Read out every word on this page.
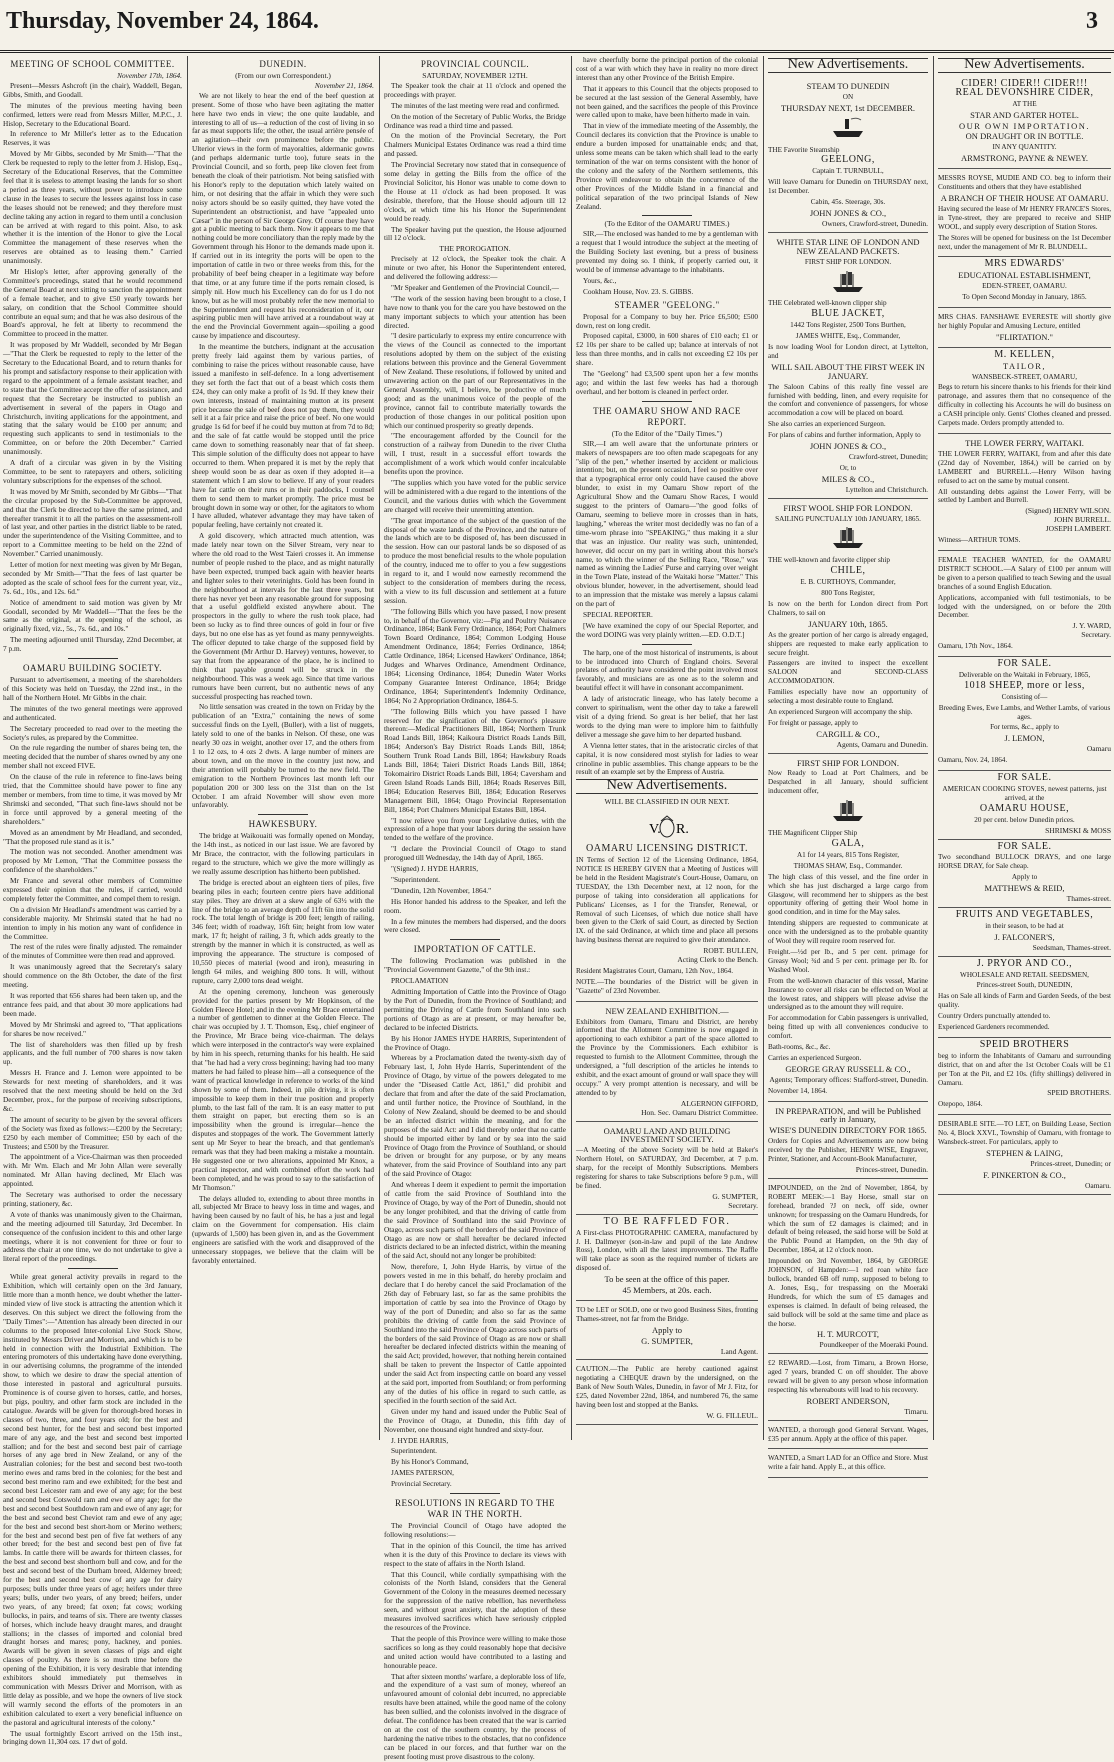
Thursday, November 24, 1864.	3
MEETING OF SCHOOL COMMITTEE.
November 17th, 1864.

Present—Messrs Ashcroft (in the chair), Waddell, Began, Gibbs, Smith, and Goodall.

The minutes of the previous meeting having been confirmed, letters were read from Messrs Miller, M.P.C., J. Hislop, Secretary to the Educational Board.

In reference to Mr Miller's letter as to the Education Reserves, it was

Moved by Mr Gibbs, seconded by Mr Smith—"That the Clerk be requested to reply to the letter from J. Hislop, Esq., Secretary of the Educational Reserves, that the Committee feel that it is useless to attempt leasing the lands for so short a period as three years, without power to introduce some clause in the leases to secure the lessees against loss in case the leases should not be renewed; and they therefore must decline taking any action in regard to them until a conclusion can be arrived at with regard to this point. Also, to ask whether it is the intention of the Honor to give the Local Committee the management of these reserves when the reserves are obtained as to leasing them." Carried unanimously.

Mr Hislop's letter, after approving generally of the Committee's proceedings, stated that he would recommend the General Board at next sitting to sanction the appointment of a female teacher, and to give £50 yearly towards her salary, on condition that the School Committee should contribute an equal sum; and that he was also desirous of the Board's approval, he felt at liberty to recommend the Committee to proceed in the matter.

It was proposed by Mr Waddell, seconded by Mr Began—"That the Clerk be requested to reply to the letter of the Secretary to the Educational Board, and to return thanks for his prompt and satisfactory response to their application with regard to the appointment of a female assistant teacher, and to state that the Committee accept the offer of assistance, and request that the Secretary be instructed to publish an advertisement in several of the papers in Otago and Christchurch, inviting applications for the appointment, and stating that the salary would be £100 per annum; and requesting such applicants to send in testimonials to the Committee, on or before the 20th December." Carried unanimously.

A draft of a circular was given in by the Visiting Committee, to be sent to ratepayers and others, soliciting voluntary subscriptions for the expenses of the school.

It was moved by Mr Smith, seconded by Mr Gibbs—"That the circular proposed by the Sub-Committee be approved, and that the Clerk be directed to have the same printed, and thereafter transmit it to all the parties on the assessment-roll of last year, and other parties in the district liable to be rated, under the superintendence of the Visiting Committee, and to report to a Committee meeting to be held on the 22nd of November." Carried unanimously.

Letter of motion for next meeting was given by Mr Began, seconded by Mr Smith—"That the fees of last quarter be adopted as the scale of school fees for the current year, viz., 7s. 6d., 10s., and 12s. 6d."

Notice of amendment to said motion was given by Mr Goodall, seconded by Mr Waddell—"That the fees be the same as the original, at the opening of the school, as originally fixed, viz., 5s., 7s. 6d., and 10s."

The meeting adjourned until Thursday, 22nd December, at 7 p.m.

OAMARU BUILDING SOCIETY.

Pursuant to advertisement, a meeting of the shareholders of this Society was held on Tuesday, the 22nd inst., in the hall of the Northern Hotel. Mr Gibbs in the chair.

The minutes of the two general meetings were approved and authenticated.

The Secretary proceeded to read over to the meeting the Society's rules, as prepared by the Committee.

On the rule regarding the number of shares being ten, the meeting decided that the number of shares owned by any one member shall not exceed FIVE.

On the clause of the rule in reference to fine-laws being tried, that the Committee should have power to fine any member or members, from time to time, it was moved by Mr Shrimski and seconded, "That such fine-laws should not be in force until approved by a general meeting of the shareholders."

Moved as an amendment by Mr Headland, and seconded, "That the proposed rule stand as it is."

The motion was not seconded. Another amendment was proposed by Mr Lemon, "That the Committee possess the confidence of the shareholders."

Mr France and several other members of Committee expressed their opinion that the rules, if carried, would completely fetter the Committee, and compel them to resign.

On a division Mr Headland's amendment was carried by a considerable majority. Mr Shrimski stated that he had no intention to imply in his motion any want of confidence in the Committee.

The rest of the rules were finally adjusted. The remainder of the minutes of Committee were then read and approved.

It was unanimously agreed that the Secretary's salary should commence on the 8th October, the date of the first meeting.

It was reported that 656 shares had been taken up, and the entrance fees paid, and that about 30 more applications had been made.

Moved by Mr Shrimski and agreed to, "That applications for shares be now received."

The list of shareholders was then filled up by fresh applicants, and the full number of 700 shares is now taken up.

Messrs H. France and J. Lemon were appointed to be Stewards for next meeting of shareholders, and it was resolved that the next meeting should be held on the 3rd December, prox., for the purpose of receiving subscriptions, &c.

The amount of security to be given by the several officers of the Society was fixed as follows:—£200 by the Secretary; £250 by each member of Committee; £50 by each of the Trustees; and £500 by the Treasurer.

The appointment of a Vice-Chairman was then proceeded with. Mr Wm. Elach and Mr John Allan were severally nominated. Mr Allan having declined, Mr Elach was appointed.

The Secretary was authorised to order the necessary printing, stationery, &c.

A vote of thanks was unanimously given to the Chairman, and the meeting adjourned till Saturday, 3rd December. In consequence of the confusion incident to this and other large meetings, where it is not convenient for three or four to address the chair at one time, we do not undertake to give a literal report of the proceedings.

While great general activity prevails in regard to the Exhibition, which will certainly open on the 3rd January, little more than a month hence, we doubt whether the latter-minded view of live stock is attracting the attention which it deserves. On this subject we direct the following from the "Daily Times":—"Attention has already been directed in our columns to the proposed Inter-colonial Live Stock Show, instituted by Messrs Driver and Morrison, and which is to be held in connection with the Industrial Exhibition. The entering promoters of this undertaking have done everything, in our advertising columns, the programme of the intended show, to which we desire to draw the special attention of those interested in pastoral and agricultural pursuits. Prominence is of course given to horses, cattle, and horses, but pigs, poultry, and other farm stock are included in the catalogue. Awards will be given for thorough-bred horses in classes of two, three, and four years old; for the best and second best hunter, for the best and second best imported mare of any age, and the best and second best imported stallion; and for the best and second best pair of carriage horses of any age bred in New Zealand, or any of the Australian colonies; for the best and second best two-tooth merino ewes and rams bred in the colonies; for the best and second best merino ram and ewe exhibited; for the best and second best Leicester ram and ewe of any age; for the best and second best Cotswold ram and ewe of any age; for the best and second best Southdown ram and ewe of any age; for the best and second best Cheviot ram and ewe of any age; for the best and second best short-horn or Merino wethers; for the best and second best pen of five fat wethers of any other breed; for the best and second best pen of five fat lambs. In cattle there will be awards for thirteen classes, for the best and second best shorthorn bull and cow, and for the best and second best of the Durham breed, Alderney breed; for the best and second best cow of any age for dairy purposes; bulls under three years of age; heifers under three years; bulls, under two years, of any breed; heifers, under two years, of any breed; fat oxen; fat cows; working bullocks, in pairs, and teams of six. There are twenty classes of horses, which include heavy draught mares, and draught stallions; in the classes of imported and colonial bred draught horses and mares; pony, hackney, and ponies. Awards will be given in seven classes of pigs and eight classes of poultry. As there is so much time before the opening of the Exhibition, it is very desirable that intending exhibitors should immediately put themselves in communication with Messrs Driver and Morrison, with as little delay as possible, and we hope the owners of live stock will warmly second the efforts of the promoters in an exhibition calculated to exert a very beneficial influence on the pastoral and agricultural interests of the colony."

The usual fortnightly Escort arrived on the 15th inst., bringing down 11,304 ozs. 17 dwt of gold.

DUNEDIN.
(From our own Correspondent.)
November 21, 1864.

We are not likely to hear the end of the beef question at present. Some of those who have been agitating the matter here have two ends in view; the one quite laudable, and interesting to all of us—a reduction of the cost of living in so far as meat supports life; the other, the usual arrière pensée of an agitation—their own prominence before the public. Ulterior views in the form of mayoralties, aldermanic gowns (and perhaps aldermanic turtle too), future seats in the Provincial Council, and so forth, peep like cloven feet from beneath the cloak of their patriotism. Not being satisfied with his Honor's reply to the deputation which lately waited on him, or not desiring that the affair in which they were such noisy actors should be so easily quitted, they have voted the Superintendent an obstructionist, and have "appealed unto Cæsar" in the person of Sir George Grey. Of course they have got a public meeting to back them. Now it appears to me that nothing could be more conciliatory than the reply made by the Government through his Honor to the demands made upon it. If carried out in its integrity the ports will be open to the importation of cattle in two or three weeks from this, for the probability of beef being cheaper in a legitimate way before that time, or at any future time if the ports remain closed, is simply nil. How much his Excellency can do for us I do not know, but as he will most probably refer the new memorial to the Superintendent and request his reconsideration of it, our aspiring public men will have arrived at a roundabout way at the end the Provincial Government again—spoiling a good cause by impatience and discourtesy.

In the meantime the butchers, indignant at the accusation pretty freely laid against them by various parties, of combining to raise the prices without reasonable cause, have issued a manifesto in self-defence. In a long advertisement they set forth the fact that out of a beast which costs them £24, they can only make a profit of 1s 9d. If they knew their own interests, instead of maintaining mutton at its present price because the sale of beef does not pay them, they would sell it at a fair price and raise the price of beef. No one would grudge 1s 6d for beef if he could buy mutton at from 7d to 8d; and the sale of fat cattle would be stopped until the price came down to something reasonably near that of fat sheep. This simple solution of the difficulty does not appear to have occurred to them. When prepared it is met by the reply that sheep would soon be as dear as oxen if they adopted it—a statement which I am slow to believe. If any of your readers have fat cattle on their runs or in their paddocks, I counsel them to send them to market promptly. The price must be brought down in some way or other, for the agitators to whom I have alluded, whatever advantage they may have taken of popular feeling, have certainly not created it.

A gold discovery, which attracted much attention, was made lately near town on the Silver Stream, very near to where the old road to the West Taieri crosses it. An immense number of people rushed to the place, and as might naturally have been expected, trumped back again with heavier hearts and lighter soles to their veterinights. Gold has been found in the neighbourhood at intervals for the last three years, but there has never yet been any reasonable ground for supposing that a useful goldfield existed anywhere about. The prospectors in the gully to where the rush took place, had been so lucky as to find three ounces of gold in four or five days, but no one else has as yet found as many pennyweights. The officer deputed to take charge of the supposed field by the Government (Mr Arthur D. Harvey) ventures, however, to say that from the appearance of the place, he is inclined to think that payable ground will be struck in the neighbourhood. This was a week ago. Since that time various rumours have been current, but no authentic news of any successful prospecting has reached town.

No little sensation was created in the town on Friday by the publication of an "Extra," containing the news of some successful finds on the Lyell, (Buller), with a list of nuggets, lately sold to one of the banks in Nelson. Of these, one was nearly 30 ozs in weight, another over 17, and the others from 1 to 12 ozs, to 4 ozs 2 dwts. A large number of miners are about town, and on the move in the country just now, and their attention will probably be turned to the new field. The emigration to the Northern Provinces last month left our population 200 or 300 less on the 31st than on the 1st October. I am afraid November will show even more unfavorably.

HAWKESBURY.

The bridge at Waikouaiti was formally opened on Monday, the 14th inst., as noticed in our last issue. We are favored by Mr Brace, the contractor, with the following particulars in regard to the structure, which we give the more willingly as we really assume description has hitherto been published.

The bridge is erected about an eighteen tiers of piles, five bearing piles in each; fourteen centre piers have additional stay piles. They are driven at a skew angle of 63½ with the line of the bridge to an average depth of 11ft 6in into the solid rock. The total length of bridge is 200 feet; length of railing, 346 feet; width of roadway, 16ft 6in; height from low water mark, 17 ft; height of railing, 3 ft, which adds greatly to the strength by the manner in which it is constructed, as well as improving the appearance. The structure is composed of 10,550 pieces of material (wood and iron), measuring in length 64 miles, and weighing 800 tons. It will, without rupture, carry 2,000 tons dead weight.

At the opening ceremony, luncheon was generously provided for the parties present by Mr Hopkinson, of the Golden Fleece Hotel; and in the evening Mr Brace entertained a number of gentlemen to dinner at the Golden Fleece. The chair was occupied by J. T. Thomson, Esq., chief engineer of the Province, Mr Brace being vice-chairman. The delays which were interposed in the contractor's way were explained by him in his speech, returning thanks for his health. He said that "he had had a very cross beginning; having had too many matters he had failed to please him—all a consequence of the want of practical knowledge in reference to works of the kind shown by some of them. Indeed, in pile driving, it is often impossible to keep them in their true position and properly plumb, to the last fall of the ram. It is an easy matter to put them straight on paper, but erecting them so is an impossibility when the ground is irregular—hence the disputes and stoppages of the work. The Government latterly sent up Mr Seyer to hear the breach, and that gentleman's remark was that they had been making a mistake a mountain. He suggested one or two alterations, appointed Mr Knox, a practical inspector, and with combined effort the work had been completed, and he was proud to say to the satisfaction of Mr Thomson."

The delays alluded to, extending to about three months in all, subjected Mr Brace to heavy loss in time and wages, and having been caused by no fault of his, he has a just and legal claim on the Government for compensation. His claim (upwards of 1,500) has been given in, and as the Government engineers are satisfied with the work and disapproved of the unnecessary stoppages, we believe that the claim will be favorably entertained.

PROVINCIAL COUNCIL.
SATURDAY, NOVEMBER 12TH.

The Speaker took the chair at 11 o'clock and opened the proceedings with prayer.

The minutes of the last meeting were read and confirmed.

On the motion of the Secretary of Public Works, the Bridge Ordinance was read a third time and passed.

On the motion of the Provincial Secretary, the Port Chalmers Municipal Estates Ordinance was read a third time and passed.

The Provincial Secretary now stated that in consequence of some delay in getting the Bills from the office of the Provincial Solicitor, his Honor was unable to come down to the House at 11 o'clock as had been proposed. It was desirable, therefore, that the House should adjourn till 12 o'clock, at which time his his Honor the Superintendent would be ready.

The Speaker having put the question, the House adjourned till 12 o'clock.

THE PROROGATION.

Precisely at 12 o'clock, the Speaker took the chair. A minute or two after, his Honor the Superintendent entered, and delivered the following address:—

"Mr Speaker and Gentlemen of the Provincial Council,—

"The work of the session having been brought to a close, I have now to thank you for the care you have bestowed on the many important subjects to which your attention has been directed.

"I desire particularly to express my entire concurrence with the views of the Council as connected to the important resolutions adopted by them on the subject of the existing relations between this province and the General Government of New Zealand. These resolutions, if followed by united and unwavering action on the part of our Representatives in the General Assembly, will, I believe, be productive of much good; and as the unanimous voice of the people of the province, cannot fail to contribute materially towards the production of those changes in our political position upon which our continued prosperity so greatly depends.

"The encouragement afforded by the Council for the construction of a railway from Dunedin to the river Clutha will, I trust, result in a successful effort towards the accomplishment of a work which would confer incalculable benefits upon the province.

"The supplies which you have voted for the public service will be administered with a due regard to the intentions of the Council, and the various duties with which the Government are charged will receive their unremitting attention.

"The great importance of the subject of the question of the disposal of the waste lands of the Province, and the nature of the lands which are to be disposed of, has been discussed in the session. How can our pastoral lands be so disposed of as to produce the most beneficial results to the whole population of the country, induced me to offer to you a few suggestions in regard to it, and I would now earnestly recommend the subject to the consideration of members during the recess, with a view to its full discussion and settlement at a future session.

"The following Bills which you have passed, I now present to, in behalf of the Governor, viz:—Pig and Poultry Nuisance Ordinance, 1864; Bank Ferry Ordinance, 1864; Port Chalmers Town Board Ordinance, 1864; Common Lodging House Amendment Ordinance, 1864; Ferries Ordinance, 1864; Cattle Ordinance, 1864; Licensed Hawkers' Ordinance, 1864; Judges and Wharves Ordinance, Amendment Ordinance, 1864; Licensing Ordinance, 1864; Dunedin Water Works Company Guarantee Interest Ordinance, 1864; Bridge Ordinance, 1864; Superintendent's Indemnity Ordinance, 1864; No 2 Appropriation Ordinance, 1864-5.

"The following Bills which you have passed I have reserved for the signification of the Governor's pleasure thereon:—Medical Practitioners Bill, 1864; Northern Trunk Road Lands Bill, 1864; Kaikoura District Roads Lands Bill, 1864; Anderson's Bay District Roads Lands Bill, 1864; Southern Trunk Road Lands Bill, 1864; Hawksbury Roads Lands Bill, 1864; Taieri District Roads Lands Bill, 1864; Tokomairiro District Roads Lands Bill, 1864; Caversham and Green Island Roads Lands Bill, 1864; Roads Reserves Bill, 1864; Education Reserves Bill, 1864; Education Reserves Management Bill, 1864; Otago Provincial Representation Bill, 1864; Port Chalmers Municipal Estates Bill, 1864.

"I now relieve you from your Legislative duties, with the expression of a hope that your labors during the session have tended to the welfare of the province.

"I declare the Provincial Council of Otago to stand prorogued till Wednesday, the 14th day of April, 1865.

"(Signed) J. HYDE HARRIS,

"Superintendent.

"Dunedin, 12th November, 1864."

His Honor handed his address to the Speaker, and left the room.

In a few minutes the members had dispersed, and the doors were closed.

IMPORTATION OF CATTLE.

The following Proclamation was published in the "Provincial Government Gazette," of the 9th inst.:

PROCLAMATION

Admitting Importation of Cattle into the Province of Otago by the Port of Dunedin, from the Province of Southland; and permitting the Driving of Cattle from Southland into such portions of Otago as are at present, or may hereafter be, declared to be infected Districts.

By his Honor JAMES HYDE HARRIS, Superintendent of the Province of Otago.

Whereas by a Proclamation dated the twenty-sixth day of February last, I, John Hyde Harris, Superintendent of the Province of Otago, by virtue of the powers delegated to me under the "Diseased Cattle Act, 1861," did prohibit and declare that from and after the date of the said Proclamation, and until further notice, the Province of Southland, in the Colony of New Zealand, should be deemed to be and should be an infected district within the meaning, and for the purposes of the said Act: and I did thereby order that no cattle should be imported either by land or by sea into the said Province of Otago from the Province of Southland, or should be driven or brought for any purpose, or by any means whatever, from the said Province of Southland into any part of the said Province of Otago:

And whereas I deem it expedient to permit the importation of cattle from the said Province of Southland into the Province of Otago, by way of the Port of Dunedin, should not be any longer prohibited, and that the driving of cattle from the said Province of Southland into the said Province of Otago, across such parts of the borders of the said Province of Otago as are now or shall hereafter be declared infected districts declared to be an infected district, within the meaning of the said Act, should not any longer be prohibited:

Now, therefore, I, John Hyde Harris, by virtue of the powers vested in me in this behalf, do hereby proclaim and declare that I do hereby cancel the said Proclamation of the 26th day of February last, so far as the same prohibits the importation of cattle by sea into the Province of Otago by way of the port of Dunedin; and also so far as the same prohibits the driving of cattle from the said Province of Southland into the said Province of Otago across such parts of the borders of the said Province of Otago as are now or shall hereafter be declared infected districts within the meaning of the said Act; provided, however, that nothing herein contained shall be taken to prevent the Inspector of Cattle appointed under the said Act from inspecting cattle on board any vessel at the said port, imported from Southland; or from performing any of the duties of his office in regard to such cattle, as specified in the fourth section of the said Act.

Given under my hand and issued under the Public Seal of the Province of Otago, at Dunedin, this fifth day of November, one thousand eight hundred and sixty-four.

J. HYDE HARRIS,

Superintendent.

By his Honor's Command,

JAMES PATERSON,

Provincial Secretary.

RESOLUTIONS IN REGARD TO THE WAR IN THE NORTH.

The Provincial Council of Otago have adopted the following resolutions:—

That in the opinion of this Council, the time has arrived when it is the duty of this Province to declare its views with respect to the state of affairs in the North Island.

That this Council, while cordially sympathising with the colonists of the North Island, considers that the General Government of the Colony in the measures deemed necessary for the suppression of the native rebellion, has nevertheless seen, and without great anxiety, that the adoption of these measures involved sacrifices which have seriously crippled the resources of the Province.

That the people of this Province were willing to make those sacrifices so long as they could reasonably hope that decisive and united action would have contributed to a lasting and honourable peace.

That after sixteen months' warfare, a deplorable loss of life, and the expenditure of a vast sum of money, whereof an unfavoured amount of colonial debt incurred, no appreciable results have been attained, while the good name of the colony has been sullied, and the colonists involved in the disgrace of defeat. The confidence has been created that the war is carried on at the cost of the southern country, by the process of hardening the native tribes to the obstacles, that no confidence can be placed in our forces, and that further war on the present footing must prove disastrous to the colony.

have cheerfully borne the principal portion of the colonial cost of a war with which they have in reality no more direct interest than any other Province of the British Empire.

That it appears to this Council that the objects proposed to be secured at the last session of the General Assembly, have not been gained, and the sacrifices the people of this Province were called upon to make, have been hitherto made in vain.

That in view of the immediate meeting of the Assembly, the Council declares its conviction that the Province is unable to endure a burden imposed for unattainable ends; and that, unless some means can be taken which shall lead to the early termination of the war on terms consistent with the honor of the colony and the safety of the Northern settlements, this Province will endeavour to obtain the concurrence of the other Provinces of the Middle Island in a financial and political separation of the two principal Islands of New Zealand.

(To the Editor of the OAMARU TIMES.)

SIR,—The enclosed was handed to me by a gentleman with a request that I would introduce the subject at the meeting of the Building Society last evening, but a press of business prevented my doing so. I think, if properly carried out, it would be of immense advantage to the inhabitants.

Yours, &c.,

Cookham House, Nov. 23. S. GIBBS.

STEAMER "GEELONG."

Proposal for a Company to buy her. Price £6,500; £500 down, rest on long credit.

Proposed capital, £3000, in 600 shares of £10 each; £1 or £2 10s per share to be called up; balance at intervals of not less than three months, and in calls not exceeding £2 10s per share.

The "Geelong" had £3,500 spent upon her a few months ago; and within the last few weeks has had a thorough overhaul, and her bottom is cleaned in perfect order.

THE OAMARU SHOW AND RACE REPORT.
(To the Editor of the "Daily Times.")

SIR,—I am well aware that the unfortunate printers or makers of newspapers are too often made scapegoats for any "slip of the pen," whether inserted by accident or malicious intention; but, on the present occasion, I feel so positive over that a typographical error only could have caused the above blunder, to exist in my Oamaru Show report of the Agricultural Show and the Oamaru Show Races, I would suggest to the printers of Oamaru—"the good folks of Oamaru, seeming to believe more in crosses than in hats, laughing," whereas the writer most decidedly was no fan of a time-worn phrase into "SPEAKING," thus making it a slur that was an injustice. Our reality was such, unintended, however, did occur on my part in writing about this horse's name, to which the winner of the Selling Race, "Rose," was named as winning the Ladies' Purse and carrying over weight in the Town Plate, instead of the Waitaki horse "Matter." This obvious blunder, however, in the advertisement, should lead to an impression that the mistake was merely a lapsus calami on the part of

SPECIAL REPORTER.

[We have examined the copy of our Special Reporter, and the word DOING was very plainly written.—ED. O.D.T.]

The harp, one of the most historical of instruments, is about to be introduced into Church of England choirs. Several prelates of authority have considered the point involved most favorably, and musicians are as one as to the solemn and beautiful effect it will have in consonant accompaniment.

A lady of aristocratic lineage, who has lately become a convert to spiritualism, went the other day to take a farewell visit of a dying friend. So great is her belief, that her last words to the dying man were to implore him to faithfully deliver a message she gave him to her departed husband.

A Vienna letter states, that in the aristocratic circles of that capital, it is now considered most stylish for ladies to wear crinoline in public assemblies. This change appears to be the result of an example set by the Empress of Austria.

New Advertisements.
WILL BE CLASSIFIED IN OUR NEXT.
V. R.
OAMARU LICENSING DISTRICT.
IN Terms of Section 12 of the Licensing Ordinance, 1864, NOTICE IS HEREBY GIVEN that a Meeting of Justices will be held in the Resident Magistrate's Court-House, Oamaru, on TUESDAY, the 13th December next, at 12 noon, for the purpose of taking into consideration all applications for Publicans' Licenses, as I for the Transfer, Renewal, or Removal of such Licenses, of which due notice shall have been given to the Clerk of said Court, as directed by Section IX. of the said Ordinance, at which time and place all persons having business thereat are required to give their attendance.
ROBT. BULLEN,
Acting Clerk to the Bench.
Resident Magistrates Court, Oamaru, 12th Nov., 1864.
NOTE.—The boundaries of the District will be given in "Gazette" of 23rd November.
NEW ZEALAND EXHIBITION.—
Exhibitors from Oamaru, Timaru and District, are hereby informed that the Allotment Committee is now engaged in apportioning to each exhibitor a part of the space allotted to the Province by the Commissioners. Each exhibitor is requested to furnish to the Allotment Committee, through the undersigned, a "full description of the articles he intends to exhibit, and the exact amount of ground or wall space they will occupy." A very prompt attention is necessary, and will be attended to by
ALGERNON GIFFORD,
Hon. Sec. Oamaru District Committee.
OAMARU LAND AND BUILDING INVESTMENT SOCIETY.
—A Meeting of the above Society will be held at Baker's Northern Hotel, on SATURDAY, 3rd December, at 7 p.m. sharp, for the receipt of Monthly Subscriptions. Members registering for shares to take Subscriptions before 9 p.m., will be fined.
G. SUMPTER,
Secretary.
TO BE RAFFLED FOR.
A First-class PHOTOGRAPHIC CAMERA, manufactured by J. H. Dallmeyer (son-in-law and pupil of the late Andrew Ross), London, with all the latest improvements. The Raffle will take place as soon as the required number of tickets are disposed of.
To be seen at the office of this paper.
45 Members, at 20s. each.
TO be LET or SOLD, one or two good Business Sites, fronting Thames-street, not far from the Bridge.
Apply to
G. SUMPTER,
Land Agent.
CAUTION.—The Public are hereby cautioned against negotiating a CHEQUE drawn by the undersigned, on the Bank of New South Wales, Dunedin, in favor of Mr J. Fitz, for £25, dated November 22nd, 1864, and numbered 76, the same having been lost and stopped at the Banks.
W. G. FILLEUL.
New Advertisements.
STEAM TO DUNEDIN
ON
THURSDAY NEXT, 1st DECEMBER.
THE Favorite Steamship
GEELONG,
Captain T. TURNBULL,
Will leave Oamaru for Dunedin on THURSDAY next, 1st December.
Cabin, 45s. Steerage, 30s.
JOHN JONES & CO.,
Owners, Crawford-street, Dunedin.
WHITE STAR LINE OF LONDON AND NEW ZEALAND PACKETS.
FIRST SHIP FOR LONDON.
THE Celebrated well-known clipper ship
BLUE JACKET,
1442 Tons Register, 2500 Tons Burthen,
JAMES WHITE, Esq., Commander,
Is now loading Wool for London direct, at Lyttelton, and
WILL SAIL ABOUT THE FIRST WEEK IN JANUARY.
The Saloon Cabins of this really fine vessel are furnished with bedding, linen, and every requisite for the comfort and convenience of passengers, for whose accommodation a cow will be placed on board.
She also carries an experienced Surgeon.
For plans of cabins and further information, Apply to
JOHN JONES & CO.,
Crawford-street, Dunedin;
Or, to
MILES & CO.,
Lyttelton and Christchurch.
FIRST WOOL SHIP FOR LONDON.
SAILING PUNCTUALLY 10th JANUARY, 1865.
THE well-known and favorite clipper ship
CHILE,
E. B. CURTHOYS, Commander,
800 Tons Register,
Is now on the berth for London direct from Port Chalmers, to sail on
JANUARY 10th, 1865.
As the greater portion of her cargo is already engaged, shippers are requested to make early application to secure freight.
Passengers are invited to inspect the excellent SALOON and SECOND-CLASS ACCOMMODATION.
Families especially have now an opportunity of selecting a most desirable route to England.
An experienced Surgeon will accompany the ship.
For freight or passage, apply to
CARGILL & CO.,
Agents, Oamaru and Dunedin.
FIRST SHIP FOR LONDON.
Now Ready to Load at Port Chalmers, and be Despatched in all January, should sufficient inducement offer,
THE Magnificent Clipper Ship
GALA,
A1 for 14 years, 815 Tons Register,
THOMAS SHAW, Esq., Commander.
The high class of this vessel, and the fine order in which she has just discharged a large cargo from Glasgow, will recommend her to shippers as the best opportunity offering of getting their Wool home in good condition, and in time for the May sales.
Intending shippers are requested to communicate at once with the undersigned as to the probable quantity of Wool they will require room reserved for.
Freight.—½d per lb., and 5 per cent. primage for Greasy Wool; ¾d and 5 per cent. primage per lb. for Washed Wool.
From the well-known character of this vessel, Marine Insurance to cover all risks can be effected on Wool at the lowest rates, and shippers will please advise the undersigned as to the amount they will require.
For accommodation for Cabin passengers is unrivalled, being fitted up with all conveniences conducive to comfort.
Bath-rooms, &c., &c.
Carries an experienced Surgeon.
GEORGE GRAY RUSSELL & CO.,
Agents; Temporary offices: Stafford-street, Dunedin.
November 14, 1864.
IN PREPARATION, and will be Published early in January,
WISE'S DUNEDIN DIRECTORY FOR 1865.
Orders for Copies and Advertisements are now being received by the Publisher, HENRY WISE, Engraver, Printer, Stationer, and Account-Book Manufacturer,
Princes-street, Dunedin.
IMPOUNDED, on the 2nd of November, 1864, by ROBERT MEEK:—1 Bay Horse, small star on forehead, branded ?J on neck, off side, owner unknown; for trespassing on the Oamaru Hundreds, for which the sum of £2 damages is claimed; and in default of being released, the said horse will be Sold at the Public Pound at Hampden, on the 9th day of December, 1864, at 12 o'clock noon.
Impounded on 3rd November, 1864, by GEORGE JOHNSON, of Hampden:—1 red roan white face bullock, branded 6B off rump, supposed to belong to A. Jones, Esq., for trespassing on the Moeraki Hundreds, for which the sum of £5 damages and expenses is claimed. In default of being released, the said bullock will be sold at the same time and place as the horse.
H. T. MURCOTT,
Poundkeeper of the Moeraki Pound.
£2 REWARD.—Lost, from Timaru, a Brown Horse, aged 7 years, branded C on off shoulder. The above reward will be given to any person whose information respecting his whereabouts will lead to his recovery.
ROBERT ANDERSON,
Timaru.
WANTED, a thorough good General Servant. Wages, £35 per annum. Apply at the office of this paper.
WANTED, a Smart LAD for an Office and Store. Must write a fair hand. Apply E., at this office.
New Advertisements.
CIDER! CIDER!! CIDER!!!
REAL DEVONSHIRE CIDER,
AT THE
STAR AND GARTER HOTEL.
OUR OWN IMPORTATION.
ON DRAUGHT OR IN BOTTLE.
IN ANY QUANTITY.
ARMSTRONG, PAYNE & NEWEY.
MESSRS ROYSE, MUDIE AND CO. beg to inform their Constituents and others that they have established
A BRANCH OF THEIR HOUSE AT OAMARU.
Having secured the lease of Mr HENRY FRANCE'S Stores, in Tyne-street, they are prepared to receive and SHIP WOOL, and supply every description of Station Stores.
The Stores will be opened for business on the 1st December next, under the management of Mr R. BLUNDELL.
MRS EDWARDS'
EDUCATIONAL ESTABLISHMENT,
EDEN-STREET, OAMARU.
To Open Second Monday in January, 1865.
MRS CHAS. FANSHAWE EVERESTE will shortly give her highly Popular and Amusing Lecture, entitled
"FLIRTATION."
M. KELLEN,
TAILOR,
WANSBECK-STREET, OAMARU,
Begs to return his sincere thanks to his friends for their kind patronage, and assures them that no consequence of the difficulty in collecting his Accounts he will do business on a CASH principle only. Gents' Clothes cleaned and pressed. Carpets made. Orders promptly attended to.
THE LOWER FERRY, WAITAKI.
THE LOWER FERRY, WAITAKI, from and after this date (22nd day of November, 1864,) will be carried on by LAMBERT and BURRELL.—Henry Wilson having refused to act on the same by mutual consent.
All outstanding debts against the Lower Ferry, will be settled by Lambert and Burrell.
(Signed) HENRY WILSON.
JOHN BURRELL.
JOSEPH LAMBERT.
Witness—ARTHUR TOMS.
FEMALE TEACHER WANTED, for the OAMARU DISTRICT SCHOOL.—A Salary of £100 per annum will be given to a person qualified to teach Sewing and the usual branches of a sound English Education.
Applications, accompanied with full testimonials, to be lodged with the undersigned, on or before the 20th December.
J. Y. WARD,
Secretary.
Oamaru, 17th Nov., 1864.
FOR SALE.
Deliverable on the Waitaki in February, 1865,
1018 SHEEP, more or less,
Consisting of—
Breeding Ewes, Ewe Lambs, and Wether Lambs, of various ages.
For terms, &c., apply to
J. LEMON,
Oamaru
Oamaru, Nov. 24, 1864.
FOR SALE.
AMERICAN COOKING STOVES, newest patterns, just arrived, at the
OAMARU HOUSE,
20 per cent. below Dunedin prices.
SHRIMSKI & MOSS
FOR SALE.
Two secondhand BULLOCK DRAYS, and one large HORSE DRAY, for Sale cheap.
Apply to
MATTHEWS & REID,
Thames-street.
FRUITS AND VEGETABLES,
in their season, to be had at
J. FALCONER'S,
Seedsman, Thames-street.
J. PRYOR AND CO.,
WHOLESALE AND RETAIL SEEDSMEN,
Princes-street South, DUNEDIN,
Has on Sale all kinds of Farm and Garden Seeds, of the best quality.
Country Orders punctually attended to.
Experienced Gardeners recommended.
SPEID BROTHERS
beg to inform the Inhabitants of Oamaru and surrounding district, that on and after the 1st October Coals will be £1 per Ton at the Pit, and £2 10s. (fifty shillings) delivered in Oamaru.
SPEID BROTHERS.
Otepopo, 1864.
DESIRABLE SITE.—TO LET, on Building Lease, Section No. 4, Block XXVI., Township of Oamaru, with frontage to Wansbeck-street. For particulars, apply to
STEPHEN & LAING,
Princes-street, Dunedin; or
F. PINKERTON & CO.,
Oamaru.
